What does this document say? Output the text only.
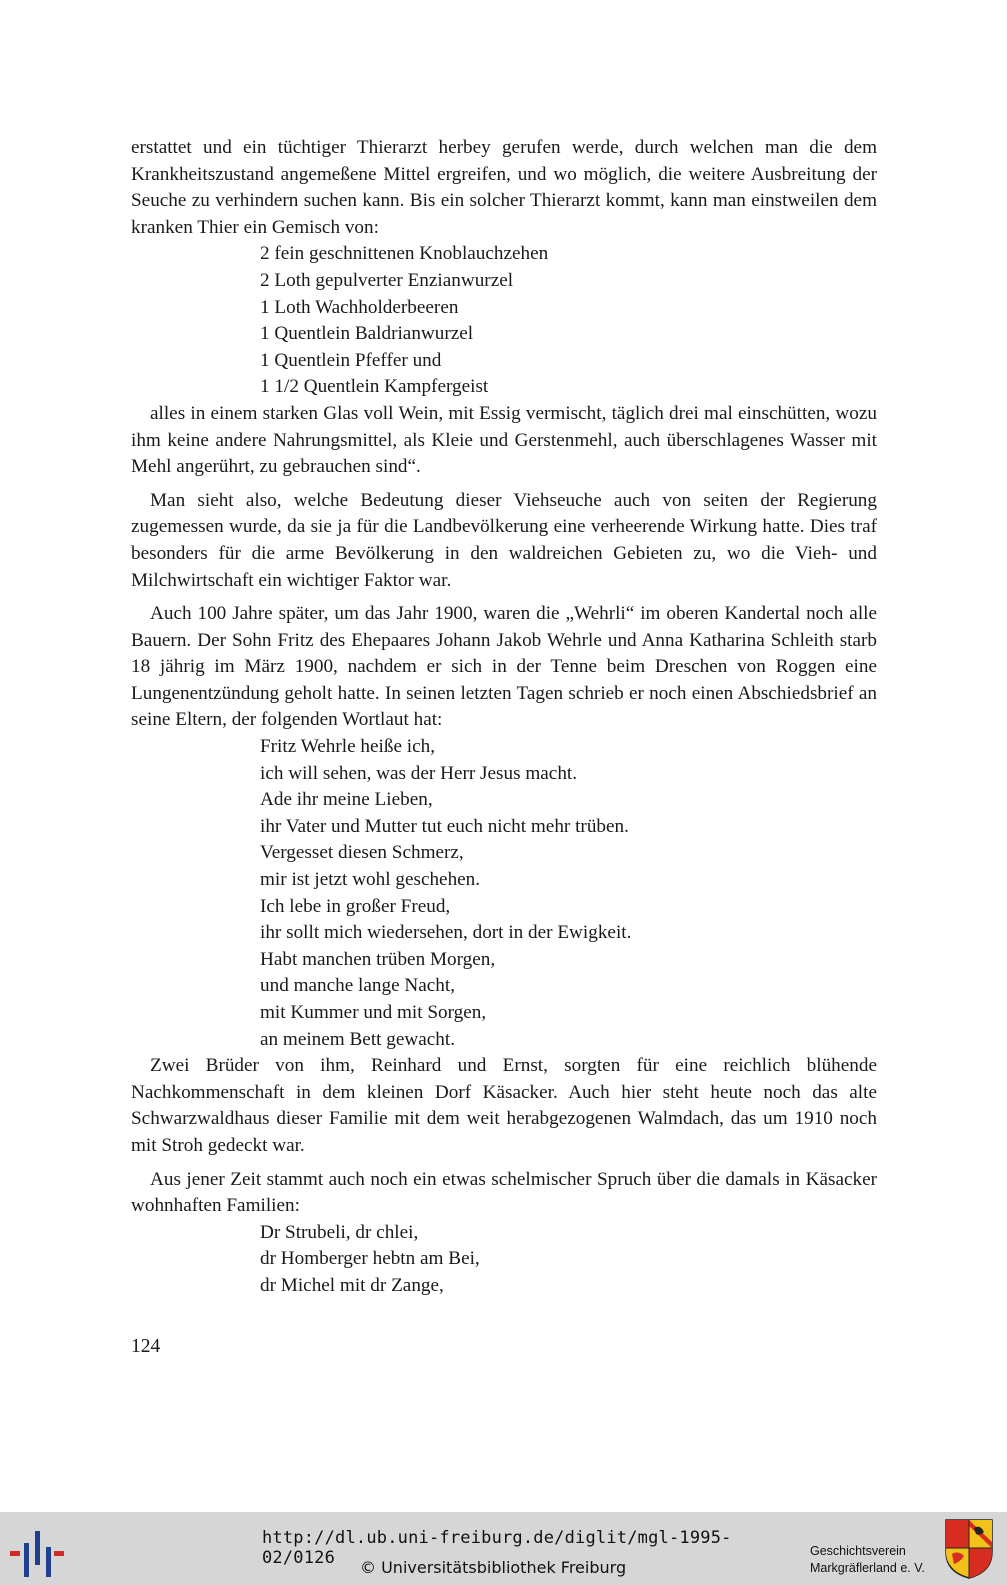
erstattet und ein tüchtiger Thierarzt herbey gerufen werde, durch welchen man die dem Krankheitszustand angemeßene Mittel ergreifen, und wo möglich, die weitere Ausbreitung der Seuche zu verhindern suchen kann. Bis ein solcher Thierarzt kommt, kann man einstweilen dem kranken Thier ein Gemisch von:

2 fein geschnittenen Knoblauchzehen
2 Loth gepulverter Enzianwurzel
1 Loth Wachholderbeeren
1 Quentlein Baldrianwurzel
1 Quentlein Pfeffer und
1 1/2 Quentlein Kampfergeist

alles in einem starken Glas voll Wein, mit Essig vermischt, täglich drei mal einschütten, wozu ihm keine andere Nahrungsmittel, als Kleie und Gerstenmehl, auch überschlagenes Wasser mit Mehl angerührt, zu gebrauchen sind“.

Man sieht also, welche Bedeutung dieser Viehseuche auch von seiten der Regierung zugemessen wurde, da sie ja für die Landbevölkerung eine verheerende Wirkung hatte. Dies traf besonders für die arme Bevölkerung in den waldreichen Gebieten zu, wo die Vieh- und Milchwirtschaft ein wichtiger Faktor war.

Auch 100 Jahre später, um das Jahr 1900, waren die „Wehrli“ im oberen Kandertal noch alle Bauern. Der Sohn Fritz des Ehepaares Johann Jakob Wehrle und Anna Katharina Schleith starb 18 jährig im März 1900, nachdem er sich in der Tenne beim Dreschen von Roggen eine Lungenentzündung geholt hatte. In seinen letzten Tagen schrieb er noch einen Abschiedsbrief an seine Eltern, der folgenden Wortlaut hat:

Fritz Wehrle heiße ich,
ich will sehen, was der Herr Jesus macht.
Ade ihr meine Lieben,
ihr Vater und Mutter tut euch nicht mehr trüben.
Vergesset diesen Schmerz,
mir ist jetzt wohl geschehen.
Ich lebe in großer Freud,
ihr sollt mich wiedersehen, dort in der Ewigkeit.
Habt manchen trüben Morgen,
und manche lange Nacht,
mit Kummer und mit Sorgen,
an meinem Bett gewacht.

Zwei Brüder von ihm, Reinhard und Ernst, sorgten für eine reichlich blühende Nachkommenschaft in dem kleinen Dorf Käsacker. Auch hier steht heute noch das alte Schwarzwaldhaus dieser Familie mit dem weit herabgezogenen Walmdach, das um 1910 noch mit Stroh gedeckt war.

Aus jener Zeit stammt auch noch ein etwas schelmischer Spruch über die damals in Käsacker wohnhaften Familien:

Dr Strubeli, dr chlei,
dr Homberger hebtn am Bei,
dr Michel mit dr Zange,
124
http://dl.ub.uni-freiburg.de/diglit/mgl-1995-02/0126	© Universitätsbibliothek Freiburg
Geschichtsverein
Markgräflerland e. V.
